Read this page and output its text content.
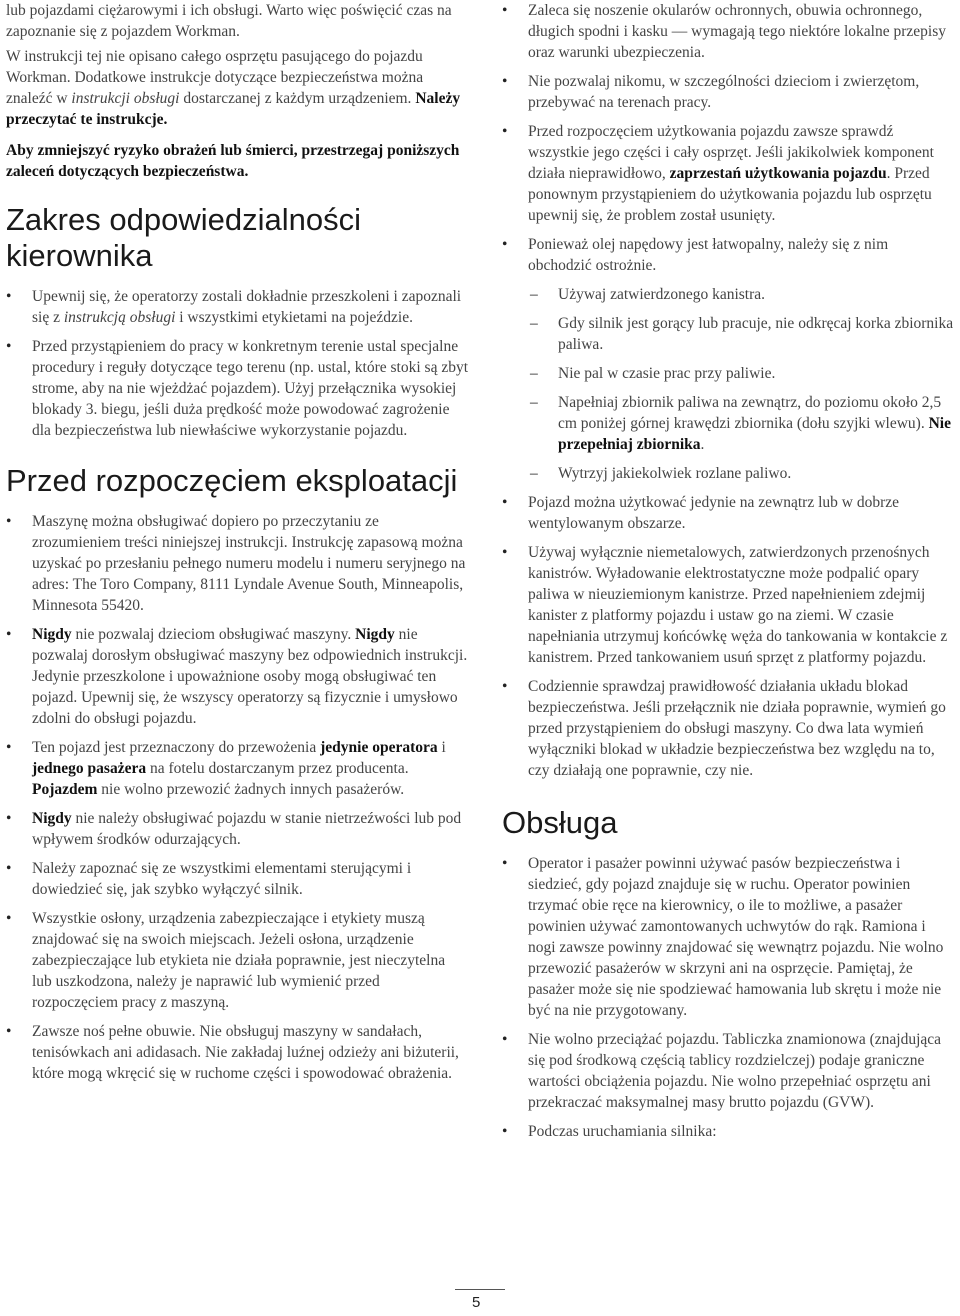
lub pojazdami ciężarowymi i ich obsługi. Warto więc poświęcić czas na zapoznanie się z pojazdem Workman.

W instrukcji tej nie opisano całego osprzętu pasującego do pojazdu Workman. Dodatkowe instrukcje dotyczące bezpieczeństwa można znaleźć w instrukcji obsługi dostarczanej z każdym urządzeniem. Należy przeczytać te instrukcje.

Aby zmniejszyć ryzyko obrażeń lub śmierci, przestrzegaj poniższych zaleceń dotyczących bezpieczeństwa.

Zakres odpowiedzialności kierownika
• Upewnij się, że operatorzy zostali dokładnie przeszkoleni i zapoznali się z instrukcją obsługi i wszystkimi etykietami na pojeździe.
• Przed przystąpieniem do pracy w konkretnym terenie ustal specjalne procedury i reguły dotyczące tego terenu (np. ustal, które stoki są zbyt strome, aby na nie wjeżdżać pojazdem). Użyj przełącznika wysokiej blokady 3. biegu, jeśli duża prędkość może powodować zagrożenie dla bezpieczeństwa lub niewłaściwe wykorzystanie pojazdu.
Przed rozpoczęciem eksploatacji
• Maszynę można obsługiwać dopiero po przeczytaniu ze zrozumieniem treści niniejszej instrukcji. Instrukcję zapasową można uzyskać po przesłaniu pełnego numeru modelu i numeru seryjnego na adres: The Toro Company, 8111 Lyndale Avenue South, Minneapolis, Minnesota 55420.
• Nigdy nie pozwalaj dzieciom obsługiwać maszyny. Nigdy nie pozwalaj dorosłym obsługiwać maszyny bez odpowiednich instrukcji. Jedynie przeszkolone i upoważnione osoby mogą obsługiwać ten pojazd. Upewnij się, że wszyscy operatorzy są fizycznie i umysłowo zdolni do obsługi pojazdu.
• Ten pojazd jest przeznaczony do przewożenia jedynie operatora i jednego pasażera na fotelu dostarczanym przez producenta. Pojazdem nie wolno przewozić żadnych innych pasażerów.
• Nigdy nie należy obsługiwać pojazdu w stanie nietrzeźwości lub pod wpływem środków odurzających.
• Należy zapoznać się ze wszystkimi elementami sterującymi i dowiedzieć się, jak szybko wyłączyć silnik.
• Wszystkie osłony, urządzenia zabezpieczające i etykiety muszą znajdować się na swoich miejscach. Jeżeli osłona, urządzenie zabezpieczające lub etykieta nie działa poprawnie, jest nieczytelna lub uszkodzona, należy je naprawić lub wymienić przed rozpoczęciem pracy z maszyną.
• Zawsze noś pełne obuwie. Nie obsługuj maszyny w sandałach, tenisówkach ani adidasach. Nie zakładaj luźnej odzieży ani biżuterii, które mogą wkręcić się w ruchome części i spowodować obrażenia.
• Zaleca się noszenie okularów ochronnych, obuwia ochronnego, długich spodni i kasku — wymagają tego niektóre lokalne przepisy oraz warunki ubezpieczenia.
• Nie pozwalaj nikomu, w szczególności dzieciom i zwierzętom, przebywać na terenach pracy.
• Przed rozpoczęciem użytkowania pojazdu zawsze sprawdź wszystkie jego części i cały osprzęt. Jeśli jakikolwiek komponent działa nieprawidłowo, zaprzestań użytkowania pojazdu. Przed ponownym przystąpieniem do użytkowania pojazdu lub osprzętu upewnij się, że problem został usunięty.
• Ponieważ olej napędowy jest łatwopalny, należy się z nim obchodzić ostrożnie.
– Używaj zatwierdzonego kanistra.
– Gdy silnik jest gorący lub pracuje, nie odkręcaj korka zbiornika paliwa.
– Nie pal w czasie prac przy paliwie.
– Napełniaj zbiornik paliwa na zewnątrz, do poziomu około 2,5 cm poniżej górnej krawędzi zbiornika (dołu szyjki wlewu). Nie przepełniaj zbiornika.
– Wytrzyj jakiekolwiek rozlane paliwo.
• Pojazd można użytkować jedynie na zewnątrz lub w dobrze wentylowanym obszarze.
• Używaj wyłącznie niemetalowych, zatwierdzonych przenośnych kanistrów. Wyładowanie elektrostatyczne może podpalić opary paliwa w nieuziemionym kanistrze. Przed napełnieniem zdejmij kanister z platformy pojazdu i ustaw go na ziemi. W czasie napełniania utrzymuj końcówkę węża do tankowania w kontakcie z kanistrem. Przed tankowaniem usuń sprzęt z platformy pojazdu.
• Codziennie sprawdzaj prawidłowość działania układu blokad bezpieczeństwa. Jeśli przełącznik nie działa poprawnie, wymień go przed przystąpieniem do obsługi maszyny. Co dwa lata wymień wyłączniki blokad w układzie bezpieczeństwa bez względu na to, czy działają one poprawnie, czy nie.
Obsługa
• Operator i pasażer powinni używać pasów bezpieczeństwa i siedzieć, gdy pojazd znajduje się w ruchu. Operator powinien trzymać obie ręce na kierownicy, o ile to możliwe, a pasażer powinien używać zamontowanych uchwytów do rąk. Ramiona i nogi zawsze powinny znajdować się wewnątrz pojazdu. Nie wolno przewozić pasażerów w skrzyni ani na osprzęcie. Pamiętaj, że pasażer może się nie spodziewać hamowania lub skrętu i może nie być na nie przygotowany.
• Nie wolno przeciążać pojazdu. Tabliczka znamionowa (znajdująca się pod środkową częścią tablicy rozdzielczej) podaje graniczne wartości obciążenia pojazdu. Nie wolno przepełniać osprzętu ani przekraczać maksymalnej masy brutto pojazdu (GVW).
• Podczas uruchamiania silnika:
5
